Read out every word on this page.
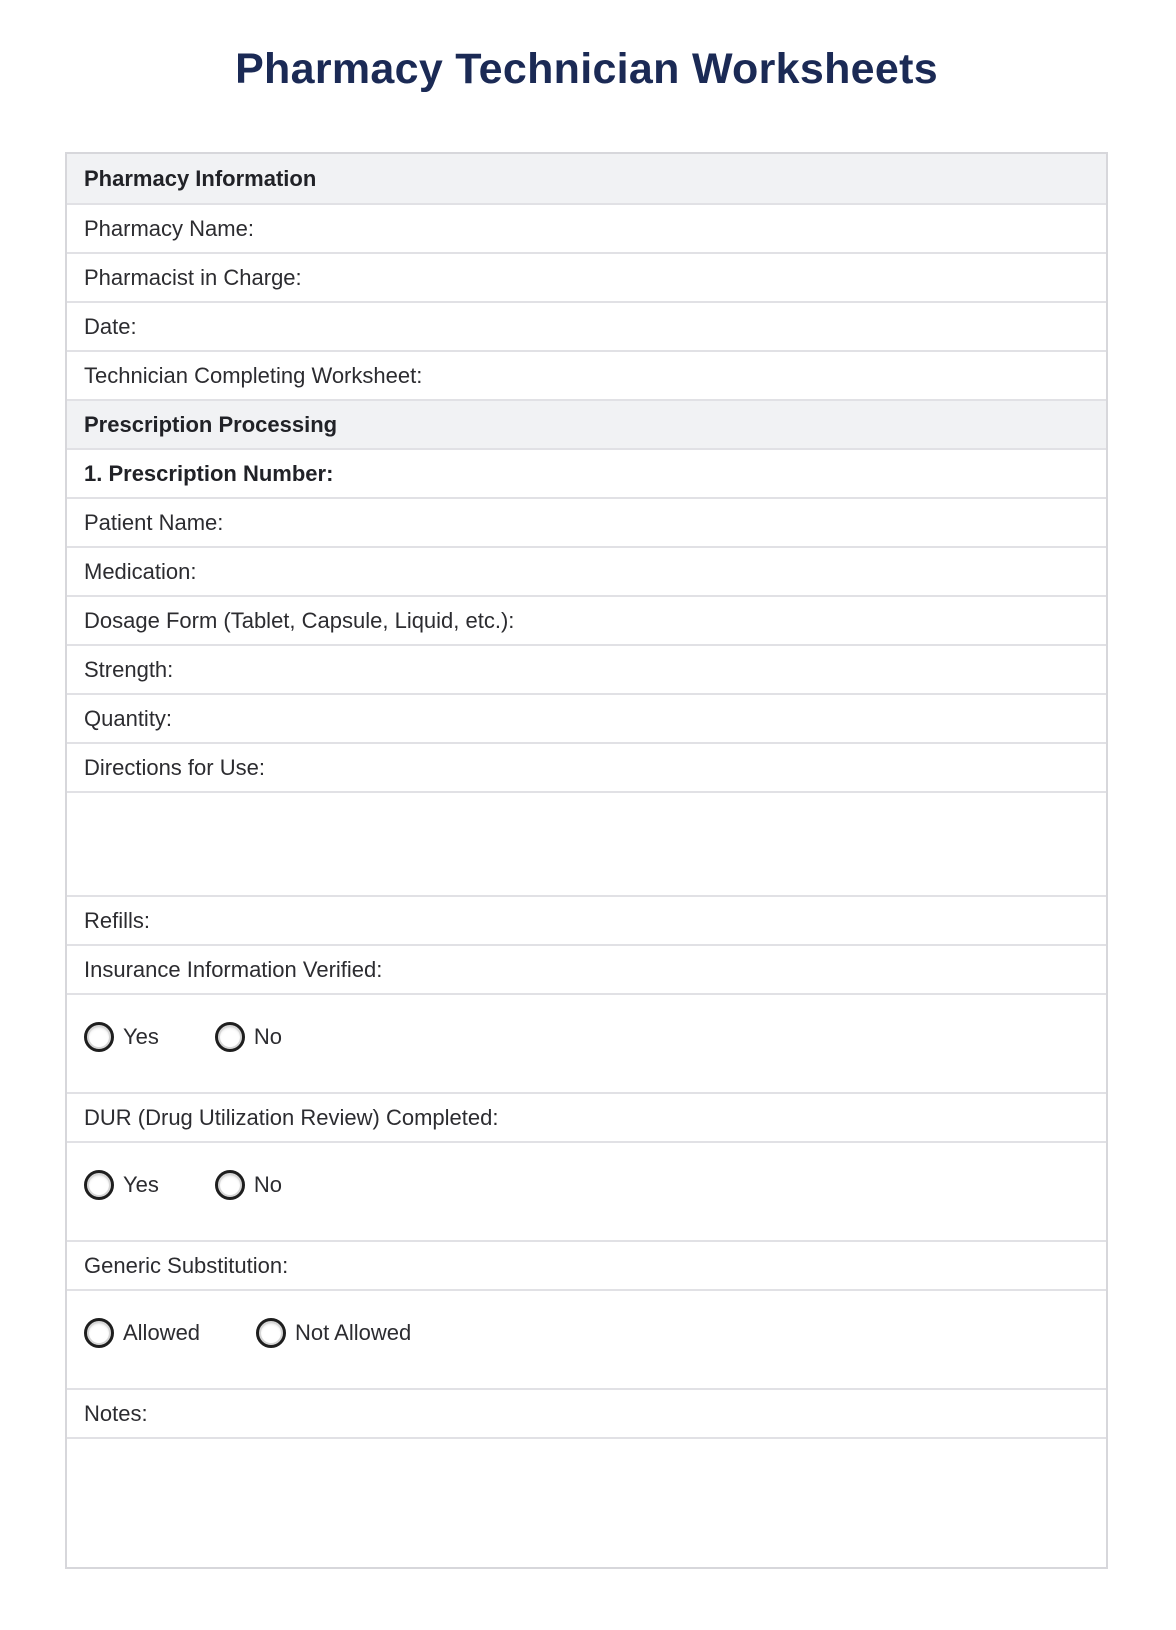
Pharmacy Technician Worksheets
Pharmacy Information
Pharmacy Name:
Pharmacist in Charge:
Date:
Technician Completing Worksheet:
Prescription Processing
1. Prescription Number:
Patient Name:
Medication:
Dosage Form (Tablet, Capsule, Liquid, etc.):
Strength:
Quantity:
Directions for Use:
Refills:
Insurance Information Verified:
Yes	No
DUR (Drug Utilization Review) Completed:
Yes	No
Generic Substitution:
Allowed	Not Allowed
Notes:
